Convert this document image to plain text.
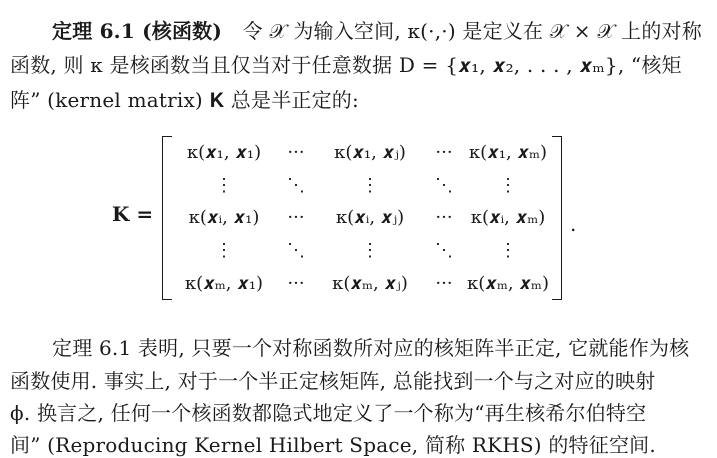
定理 6.1 (核函数) 令 𝒳 为输入空间, κ(·,·) 是定义在 𝒳 × 𝒳 上的对称
函数, 则 κ 是核函数当且仅当对于任意数据 D = {𝒙₁, 𝒙₂, . . . , 𝒙ₘ}, “核矩
阵” (kernel matrix) 𝐊 总是半正定的:
𝐊 =
κ(𝒙₁, 𝒙₁) ··· κ(𝒙₁, 𝒙ⱼ) ··· κ(𝒙₁, 𝒙ₘ)
⋮	⋱	⋮	⋱	⋮
κ(𝒙ᵢ, 𝒙₁) ··· κ(𝒙ᵢ, 𝒙ⱼ) ··· κ(𝒙ᵢ, 𝒙ₘ)
⋮	⋱	⋮	⋱	⋮
κ(𝒙ₘ, 𝒙₁) ··· κ(𝒙ₘ, 𝒙ⱼ) ··· κ(𝒙ₘ, 𝒙ₘ)
.
定理 6.1 表明, 只要一个对称函数所对应的核矩阵半正定, 它就能作为核
函数使用. 事实上, 对于一个半正定核矩阵, 总能找到一个与之对应的映射
ϕ. 换言之, 任何一个核函数都隐式地定义了一个称为“再生核希尔伯特空
间” (Reproducing Kernel Hilbert Space, 简称 RKHS) 的特征空间.
